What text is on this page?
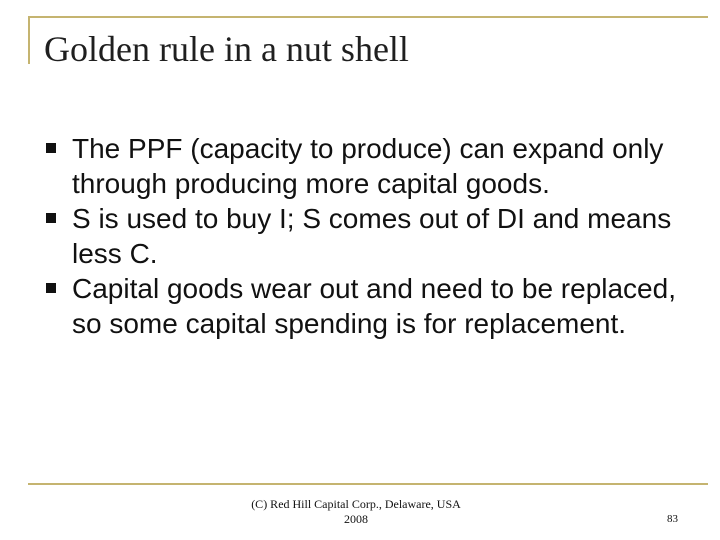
Golden rule in a nut shell
The PPF (capacity to produce) can expand only through producing more capital goods.
S is used to buy I; S comes out of DI and means less C.
Capital goods wear out and need to be replaced, so some capital spending is for replacement.
(C) Red Hill Capital Corp., Delaware, USA
2008	83
